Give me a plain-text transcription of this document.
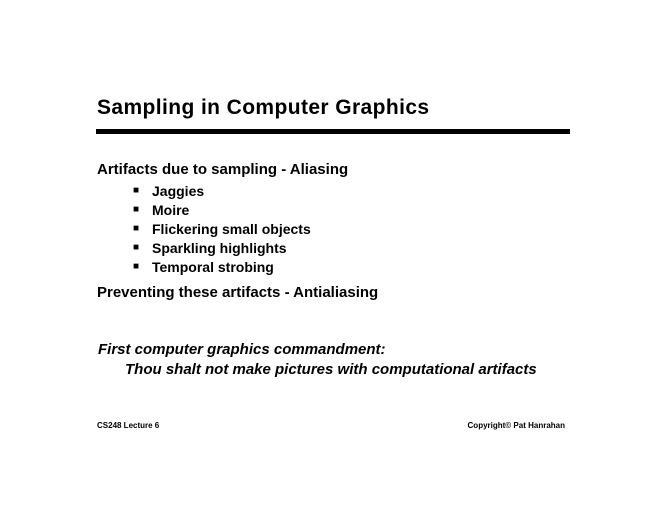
Sampling in Computer Graphics
Artifacts due to sampling - Aliasing
■ Jaggies
■ Moire
■ Flickering small objects
■ Sparkling highlights
■ Temporal strobing
Preventing these artifacts - Antialiasing
First computer graphics commandment:
Thou shalt not make pictures with computational artifacts
CS248 Lecture 6	Copyright© Pat Hanrahan
